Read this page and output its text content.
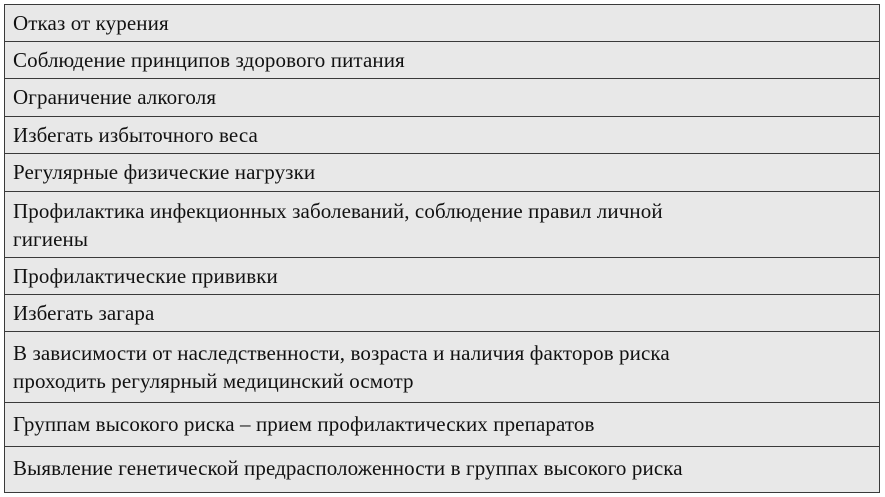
Отказ от курения
Соблюдение принципов здорового питания
Ограничение алкоголя
Избегать избыточного веса
Регулярные физические нагрузки
Профилактика инфекционных заболеваний, соблюдение правил личной
гигиены
Профилактические прививки
Избегать загара
В зависимости от наследственности, возраста и наличия факторов риска
проходить регулярный медицинский осмотр
Группам высокого риска – прием профилактических препаратов
Выявление генетической предрасположенности в группах высокого риска
